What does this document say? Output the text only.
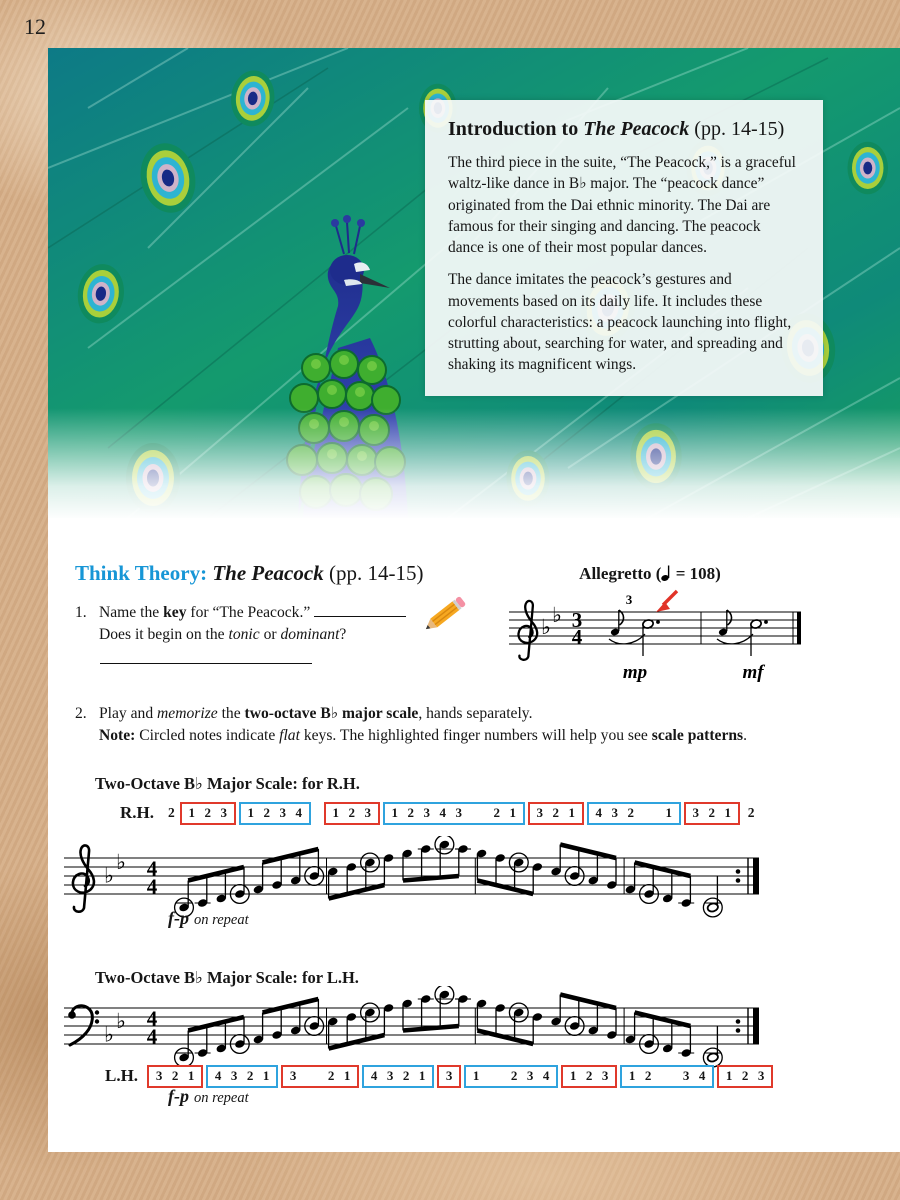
12
Introduction to The Peacock (pp. 14-15)

The third piece in the suite, “The Peacock,” is a graceful waltz-like dance in B♭ major. The “peacock dance” originated from the Dai ethnic minority. The Dai are famous for their singing and dancing. The peacock dance is one of their most popular dances.

The dance imitates the peacock’s gestures and movements based on its daily life. It includes these colorful characteristics: a peacock launching into flight, strutting about, searching for water, and spreading and shaking its magnificent wings.

Think Theory: The Peacock (pp. 14-15)
1. Name the key for “The Peacock.”
Does it begin on the tonic or dominant?
Allegretto ( = 108)
♭ ♭ 3
4
3
mp	mf
2. Play and memorize the two-octave B♭ major scale, hands separately.
Note: Circled notes indicate flat keys. The highlighted finger numbers will help you see scale patterns.
Two-Octave B♭ Major Scale: for R.H.
R.H. 2 1 2 3 1 2 3 4 1 2 3 1 2 3 4 3 2 1 3 2 1 4 3 2 1 3 2 1 2
♭
♭ 4
4
f-p on repeat
Two-Octave B♭ Major Scale: for L.H.
♭
♭ 4
4
L.H. 3 2 1 4 3 2 1 3 2 1 4 3 2 1 3 1 2 3 4 1 2 3 1 2 3 4 1 2 3
f-p on repeat
